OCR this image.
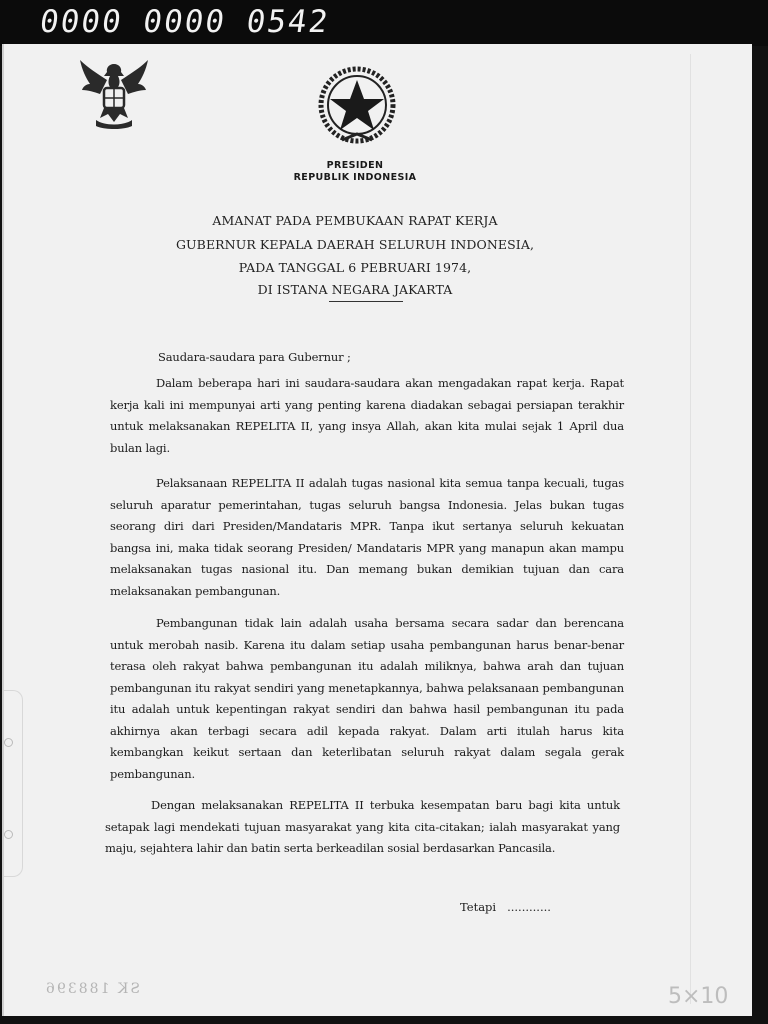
0000 0000 0542
PRESIDEN
REPUBLIK INDONESIA
AMANAT PADA PEMBUKAAN RAPAT KERJA
GUBERNUR KEPALA DAERAH SELURUH INDONESIA,
PADA TANGGAL 6 PEBRUARI 1974,
DI ISTANA NEGARA JAKARTA
Saudara-saudara para Gubernur ;
Dalam beberapa hari ini saudara-saudara akan mengadakan rapat kerja. Rapat kerja kali ini mempunyai arti yang penting karena diadakan sebagai persiapan terakhir untuk melaksanakan REPELITA II, yang insya Allah, akan kita mulai sejak 1 April dua bulan lagi.
Pelaksanaan REPELITA II adalah tugas nasional kita semua tanpa kecuali, tugas seluruh aparatur pemerintahan, tugas seluruh bangsa Indonesia. Jelas bukan tugas seorang diri dari Presiden/Mandataris MPR. Tanpa ikut sertanya seluruh kekuatan bangsa ini, maka tidak seorang Presiden/ Mandataris MPR yang manapun akan mampu melaksanakan tugas nasional itu. Dan memang bukan demikian tujuan dan cara melaksanakan pembangunan.
Pembangunan tidak lain adalah usaha bersama secara sadar dan berencana untuk merobah nasib. Karena itu dalam setiap usaha pembangunan harus benar-benar terasa oleh rakyat bahwa pembangunan itu adalah miliknya, bahwa arah dan tujuan pembangunan itu rakyat sendiri yang menetapkannya, bahwa pelaksanaan pembangunan itu adalah untuk kepentingan rakyat sendiri dan bahwa hasil pembangunan itu pada akhirnya akan terbagi secara adil kepada rakyat. Dalam arti itulah harus kita kembangkan keikut sertaan dan keterlibatan seluruh rakyat dalam segala gerak pembangunan.
Dengan melaksanakan REPELITA II terbuka kesempatan baru bagi kita untuk setapak lagi mendekati tujuan masyarakat yang kita cita-citakan; ialah masyarakat yang maju, sejahtera lahir dan batin serta berkeadilan sosial berdasarkan Pancasila.
Tetapi   ............
SK 188396	5×10
